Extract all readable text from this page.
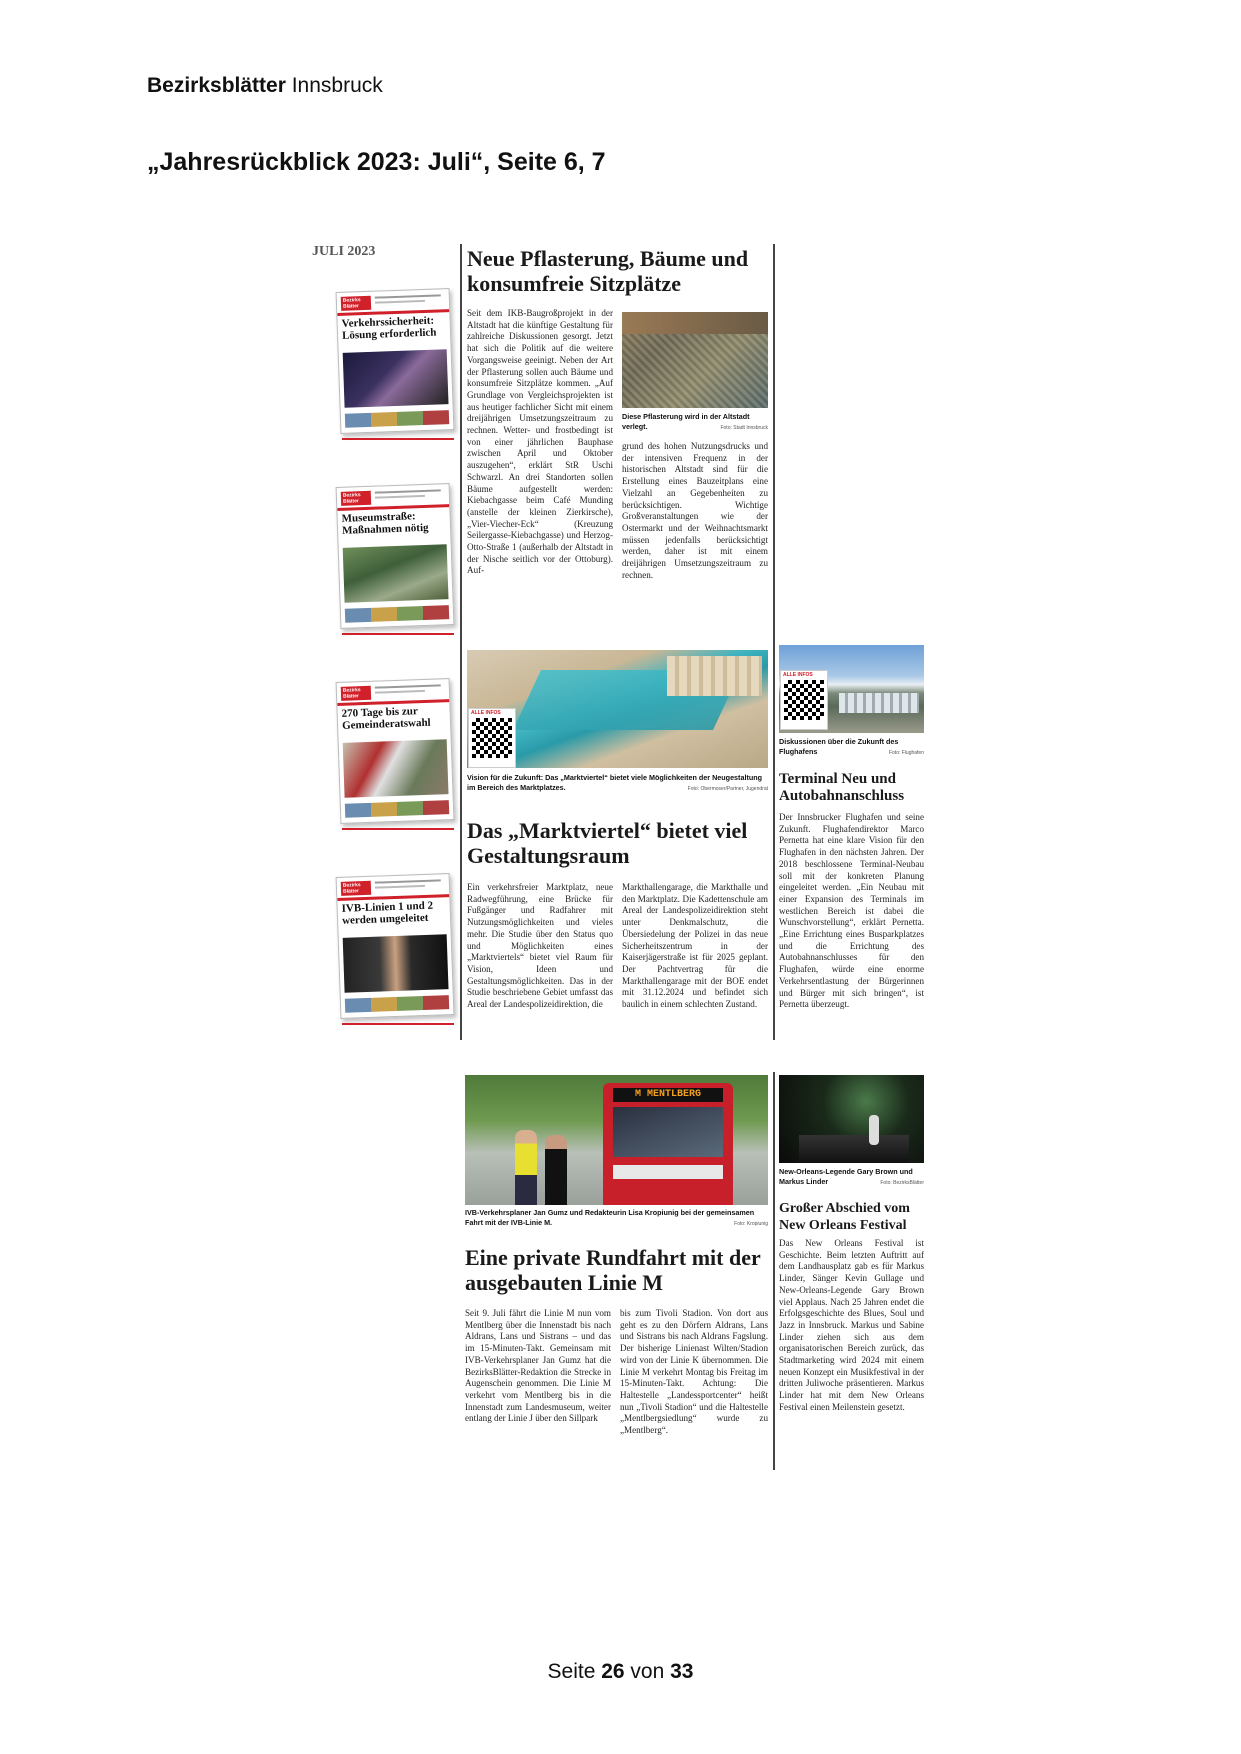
Bezirksblätter Innsbruck
„Jahresrückblick 2023: Juli“, Seite 6, 7
JULI 2023
Bezirks Blätter
Verkehrssicherheit: Lösung erforderlich
Bezirks Blätter
Museumstraße: Maßnahmen nötig
Bezirks Blätter
270 Tage bis zur Gemeinderatswahl
Bezirks Blätter
IVB-Linien 1 und 2 werden umgeleitet
Neue Pflasterung, Bäume und konsumfreie Sitzplätze

Seit dem IKB-Baugroßprojekt in der Altstadt hat die künftige Gestaltung für zahlreiche Diskussionen gesorgt. Jetzt hat sich die Politik auf die weitere Vorgangsweise geeinigt. Neben der Art der Pflasterung sollen auch Bäume und konsumfreie Sitzplätze kommen. „Auf Grundlage von Vergleichsprojekten ist aus heutiger fachlicher Sicht mit einem dreijährigen Umsetzungszeitraum zu rechnen. Wetter- und frostbedingt ist von einer jährlichen Bauphase zwischen April und Oktober auszugehen“, erklärt StR Uschi Schwarzl. An drei Standorten sollen Bäume aufgestellt werden: Kiebachgasse beim Café Munding (anstelle der kleinen Zierkirsche), „Vier-Viecher-Eck“ (Kreuzung Seilergasse-Kiebachgasse) und Herzog-Otto-Straße 1 (außerhalb der Altstadt in der Nische seitlich vor der Ottoburg). Auf-

Diese Pflasterung wird in der Altstadt verlegt.	Foto: Stadt Innsbruck

grund des hohen Nutzungsdrucks und der intensiven Frequenz in der historischen Altstadt sind für die Erstellung eines Bauzeitplans eine Vielzahl an Gegebenheiten zu berücksichtigen. Wichtige Großveranstaltungen wie der Ostermarkt und der Weihnachtsmarkt müssen jedenfalls berücksichtigt werden, daher ist mit einem dreijährigen Umsetzungszeitraum zu rechnen.

ALLE INFOS
Vision für die Zukunft: Das „Marktviertel“ bietet viele Möglichkeiten der Neugestaltung im Bereich des Marktplatzes.	Foto: Obermoser/Partner, Jugendrat
Das „Marktviertel“ bietet viel Gestaltungsraum

Ein verkehrsfreier Marktplatz, neue Radwegführung, eine Brücke für Fußgänger und Radfahrer mit Nutzungsmöglichkeiten und vieles mehr. Die Studie über den Status quo und Möglichkeiten eines „Marktviertels“ bietet viel Raum für Vision, Ideen und Gestaltungsmöglichkeiten. Das in der Studie beschriebene Gebiet umfasst das Areal der Landespolizeidirektion, die

Markthallengarage, die Markthalle und den Marktplatz. Die Kadettenschule am Areal der Landespolizeidirektion steht unter Denkmalschutz, die Übersiedelung der Polizei in das neue Sicherheitszentrum in der Kaiserjägerstraße ist für 2025 geplant. Der Pachtvertrag für die Markthallengarage mit der BOE endet mit 31.12.2024 und befindet sich baulich in einem schlechten Zustand.

ALLE INFOS
Diskussionen über die Zukunft des Flughafens	Foto: Flughafen
Terminal Neu und Autobahnanschluss

Der Innsbrucker Flughafen und seine Zukunft. Flughafendirektor Marco Pernetta hat eine klare Vision für den Flughafen in den nächsten Jahren. Der 2018 beschlossene Terminal-Neubau soll mit der konkreten Planung eingeleitet werden. „Ein Neubau mit einer Expansion des Terminals im westlichen Bereich ist dabei die Wunschvorstellung“, erklärt Pernetta. „Eine Errichtung eines Busparkplatzes und die Errichtung des Autobahnanschlusses für den Flughafen, würde eine enorme Verkehrsentlastung der Bürgerinnen und Bürger mit sich bringen“, ist Pernetta überzeugt.

M MENTLBERG
IVB-Verkehrsplaner Jan Gumz und Redakteurin Lisa Kropiunig bei der gemeinsamen Fahrt mit der IVB-Linie M.	Foto: Kropiunig
Eine private Rundfahrt mit der ausgebauten Linie M

Seit 9. Juli fährt die Linie M nun vom Mentlberg über die Innenstadt bis nach Aldrans, Lans und Sistrans – und das im 15-Minuten-Takt. Gemeinsam mit IVB-Verkehrsplaner Jan Gumz hat die BezirksBlätter-Redaktion die Strecke in Augenschein genommen. Die Linie M verkehrt vom Mentlberg bis in die Innenstadt zum Landesmuseum, weiter entlang der Linie J über den Sillpark

bis zum Tivoli Stadion. Von dort aus geht es zu den Dörfern Aldrans, Lans und Sistrans bis nach Aldrans Fagslung. Der bisherige Linienast Wilten/Stadion wird von der Linie K übernommen. Die Linie M verkehrt Montag bis Freitag im 15-Minuten-Takt. Achtung: Die Haltestelle „Landessportcenter“ heißt nun „Tivoli Stadion“ und die Haltestelle „Mentlbergsiedlung“ wurde zu „Mentlberg“.

New-Orleans-Legende Gary Brown und Markus Linder	Foto: BezirksBlätter
Großer Abschied vom New Orleans Festival

Das New Orleans Festival ist Geschichte. Beim letzten Auftritt auf dem Landhausplatz gab es für Markus Linder, Sänger Kevin Gullage und New-Orleans-Legende Gary Brown viel Applaus. Nach 25 Jahren endet die Erfolgsgeschichte des Blues, Soul und Jazz in Innsbruck. Markus und Sabine Linder ziehen sich aus dem organisatorischen Bereich zurück, das Stadtmarketing wird 2024 mit einem neuen Konzept ein Musikfestival in der dritten Juliwoche präsentieren. Markus Linder hat mit dem New Orleans Festival einen Meilenstein gesetzt.

Seite 26 von 33
